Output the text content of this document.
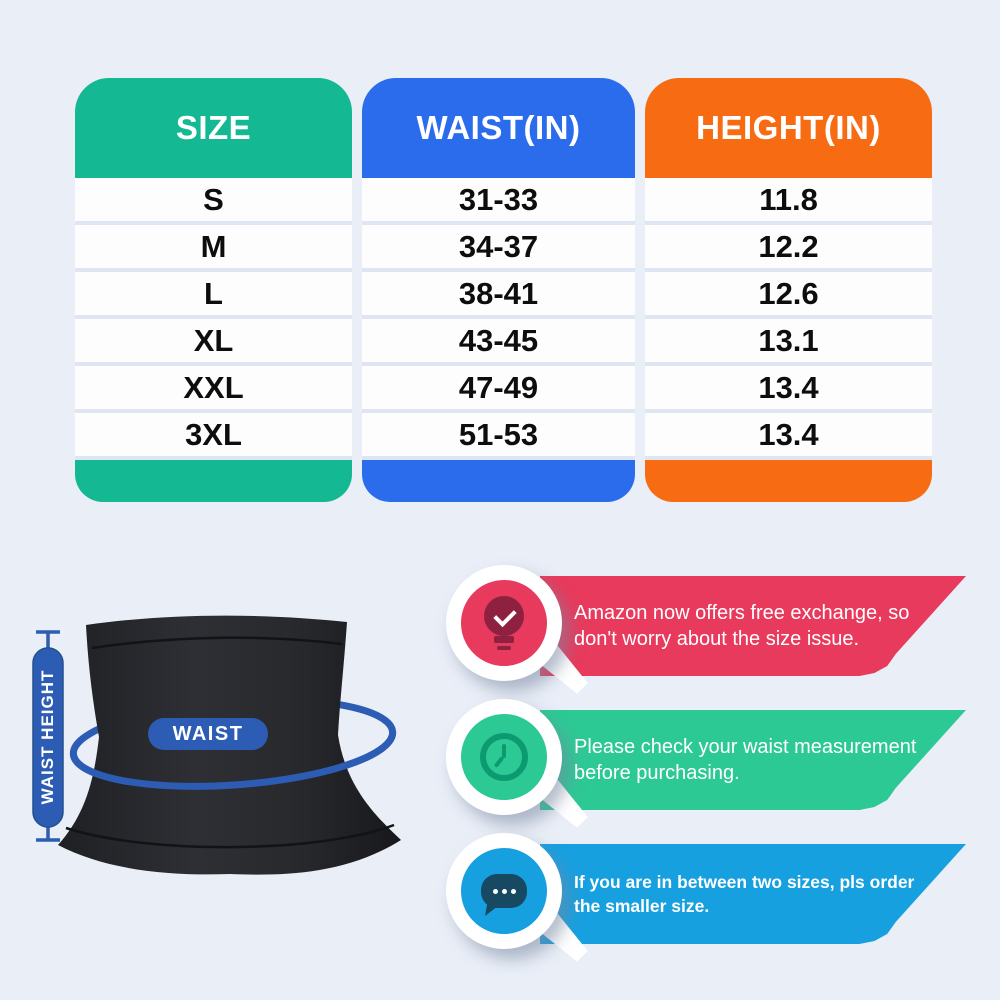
SIZE
S
M
L
XL
XXL
3XL
WAIST(IN)
31-33
34-37
38-41
43-45
47-49
51-53
HEIGHT(IN)
11.8
12.2
12.6
13.1
13.4
13.4
WAIST
WAIST HEIGHT
Amazon now offers free exchange, so
don't worry about the size issue.
Please check your waist measurement
before purchasing.
If you are in between two sizes, pls order
the smaller size.
